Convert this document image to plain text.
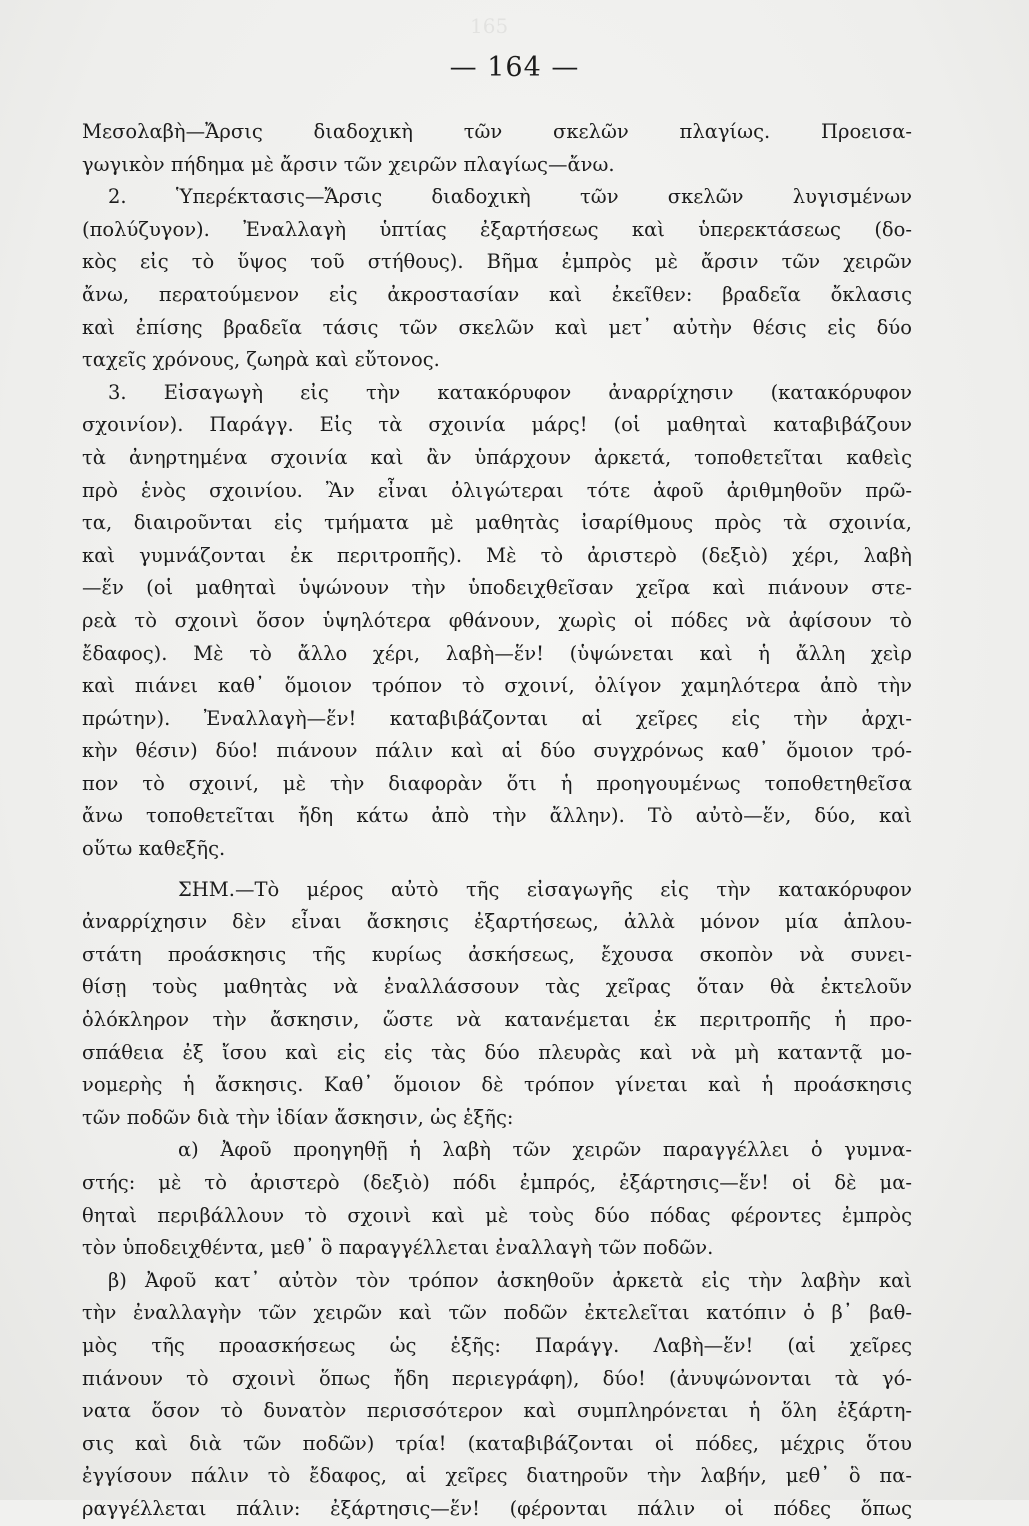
165
— 164 —
Μεσολαβὴ—Ἄρσις διαδοχικὴ τῶν σκελῶν πλαγίως. Προεισα-
γωγικὸν πήδημα μὲ ἄρσιν τῶν χειρῶν πλαγίως—ἄνω.
2. Ὑπερέκτασις—Ἄρσις διαδοχικὴ τῶν σκελῶν λυγισμένων
(πολύζυγον). Ἐναλλαγὴ ὑπτίας ἐξαρτήσεως καὶ ὑπερεκτάσεως (δο-
κὸς εἰς τὸ ὕψος τοῦ στήθους). Βῆμα ἐμπρὸς μὲ ἄρσιν τῶν χειρῶν
ἄνω, περατούμενον εἰς ἀκροστασίαν καὶ ἐκεῖθεν: βραδεῖα ὄκλασις
καὶ ἐπίσης βραδεῖα τάσις τῶν σκελῶν καὶ μετ᾿ αὐτὴν θέσις εἰς δύο
ταχεῖς χρόνους, ζωηρὰ καὶ εὔτονος.
3. Εἰσαγωγὴ εἰς τὴν κατακόρυφον ἀναρρίχησιν (κατακόρυφον
σχοινίον). Παράγγ. Εἰς τὰ σχοινία μάρς! (οἱ μαθηταὶ καταβιβάζουν
τὰ ἀνηρτημένα σχοινία καὶ ἂν ὑπάρχουν ἀρκετά, τοποθετεῖται καθεὶς
πρὸ ἑνὸς σχοινίου. Ἂν εἶναι ὀλιγώτεραι τότε ἀφοῦ ἀριθμηθοῦν πρῶ-
τα, διαιροῦνται εἰς τμήματα μὲ μαθητὰς ἰσαρίθμους πρὸς τὰ σχοινία,
καὶ γυμνάζονται ἐκ περιτροπῆς). Μὲ τὸ ἀριστερὸ (δεξιὸ) χέρι, λαβὴ
—ἕν (οἱ μαθηταὶ ὑψώνουν τὴν ὑποδειχθεῖσαν χεῖρα καὶ πιάνουν στε-
ρεὰ τὸ σχοινὶ ὅσον ὑψηλότερα φθάνουν, χωρὶς οἱ πόδες νὰ ἀφίσουν τὸ
ἔδαφος). Μὲ τὸ ἄλλο χέρι, λαβὴ—ἕν! (ὑψώνεται καὶ ἡ ἄλλη χεὶρ
καὶ πιάνει καθ᾿ ὅμοιον τρόπον τὸ σχοινί, ὀλίγον χαμηλότερα ἀπὸ τὴν
πρώτην). Ἐναλλαγὴ—ἕν! καταβιβάζονται αἱ χεῖρες εἰς τὴν ἀρχι-
κὴν θέσιν) δύο! πιάνουν πάλιν καὶ αἱ δύο συγχρόνως καθ᾿ ὅμοιον τρό-
πον τὸ σχοινί, μὲ τὴν διαφορὰν ὅτι ἡ προηγουμένως τοποθετηθεῖσα
ἄνω τοποθετεῖται ἤδη κάτω ἀπὸ τὴν ἄλλην). Τὸ αὐτὸ—ἕν, δύο, καὶ
οὕτω καθεξῆς.
ΣΗΜ.—Τὸ μέρος αὐτὸ τῆς εἰσαγωγῆς εἰς τὴν κατακόρυφον
ἀναρρίχησιν δὲν εἶναι ἄσκησις ἐξαρτήσεως, ἀλλὰ μόνον μία ἁπλου-
στάτη προάσκησις τῆς κυρίως ἀσκήσεως, ἔχουσα σκοπὸν νὰ συνει-
θίσῃ τοὺς μαθητὰς νὰ ἐναλλάσσουν τὰς χεῖρας ὅταν θὰ ἐκτελοῦν
ὁλόκληρον τὴν ἄσκησιν, ὥστε νὰ κατανέμεται ἐκ περιτροπῆς ἡ προ-
σπάθεια ἐξ ἴσου καὶ εἰς εἰς τὰς δύο πλευρὰς καὶ νὰ μὴ καταντᾷ μο-
νομερὴς ἡ ἄσκησις. Καθ᾿ ὅμοιον δὲ τρόπον γίνεται καὶ ἡ προάσκησις
τῶν ποδῶν διὰ τὴν ἰδίαν ἄσκησιν, ὡς ἑξῆς:
α) Ἀφοῦ προηγηθῇ ἡ λαβὴ τῶν χειρῶν παραγγέλλει ὁ γυμνα-
στής: μὲ τὸ ἀριστερὸ (δεξιὸ) πόδι ἐμπρός, ἐξάρτησις—ἕν! οἱ δὲ μα-
θηταὶ περιβάλλουν τὸ σχοινὶ καὶ μὲ τοὺς δύο πόδας φέροντες ἐμπρὸς
τὸν ὑποδειχθέντα, μεθ᾿ ὃ παραγγέλλεται ἐναλλαγὴ τῶν ποδῶν.
β) Ἀφοῦ κατ᾿ αὐτὸν τὸν τρόπον ἀσκηθοῦν ἀρκετὰ εἰς τὴν λαβὴν καὶ
τὴν ἐναλλαγὴν τῶν χειρῶν καὶ τῶν ποδῶν ἐκτελεῖται κατόπιν ὁ β᾿ βαθ-
μὸς τῆς προασκήσεως ὡς ἑξῆς: Παράγγ. Λαβὴ—ἕν! (αἱ χεῖρες
πιάνουν τὸ σχοινὶ ὅπως ἤδη περιεγράφη), δύο! (ἀνυψώνονται τὰ γό-
νατα ὅσον τὸ δυνατὸν περισσότερον καὶ συμπληρόνεται ἡ ὅλη ἐξάρτη-
σις καὶ διὰ τῶν ποδῶν) τρία! (καταβιβάζονται οἱ πόδες, μέχρις ὅτου
ἐγγίσουν πάλιν τὸ ἔδαφος, αἱ χεῖρες διατηροῦν τὴν λαβήν, μεθ᾿ ὃ πα-
ραγγέλλεται πάλιν: ἐξάρτησις—ἕν! (φέρονται πάλιν οἱ πόδες ὅπως
